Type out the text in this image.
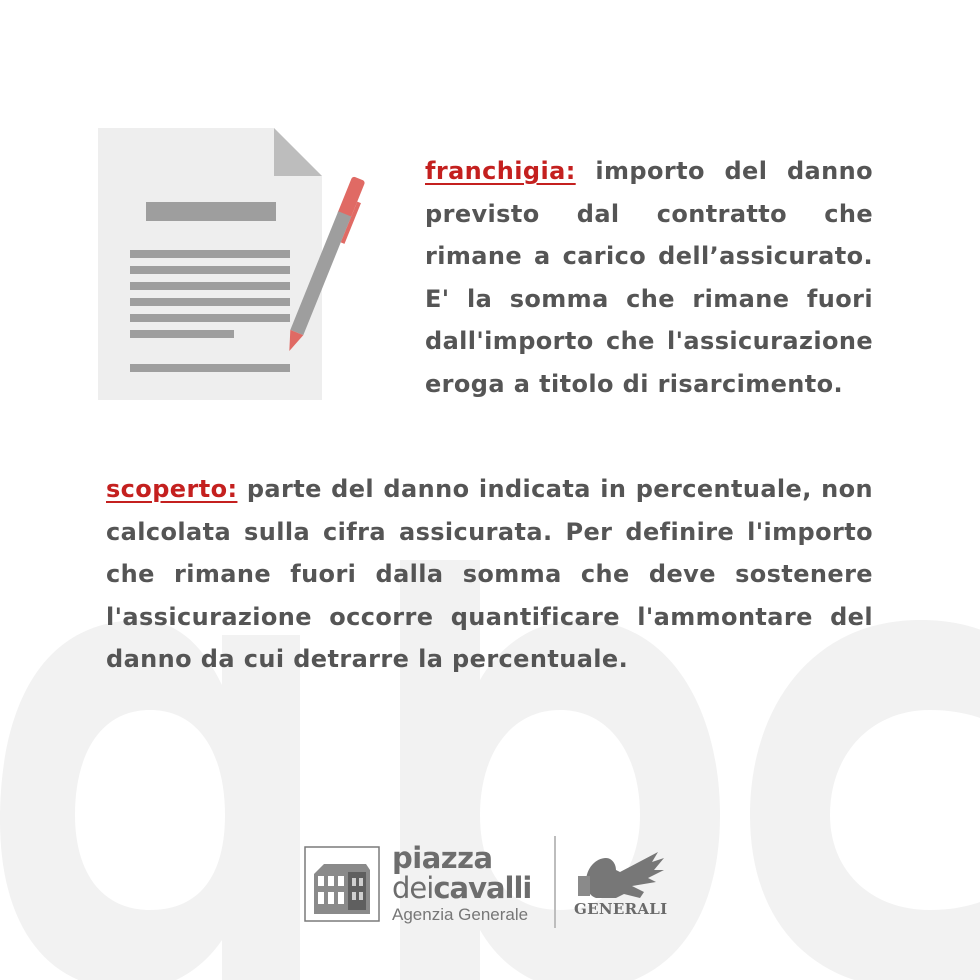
franchigia: importo del danno previsto dal contratto che rimane a carico dell’assicurato. E' la somma che rimane fuori dall'importo che l'assicurazione eroga a titolo di risarcimento.
scoperto: parte del danno indicata in percentuale, non calcolata sulla cifra assicurata. Per definire l'importo che rimane fuori dalla somma che deve sostenere l'assicurazione occorre quantificare l'ammontare del danno da cui detrarre la percentuale.
piazza
deicavalli
Agenzia Generale	GENERALI
